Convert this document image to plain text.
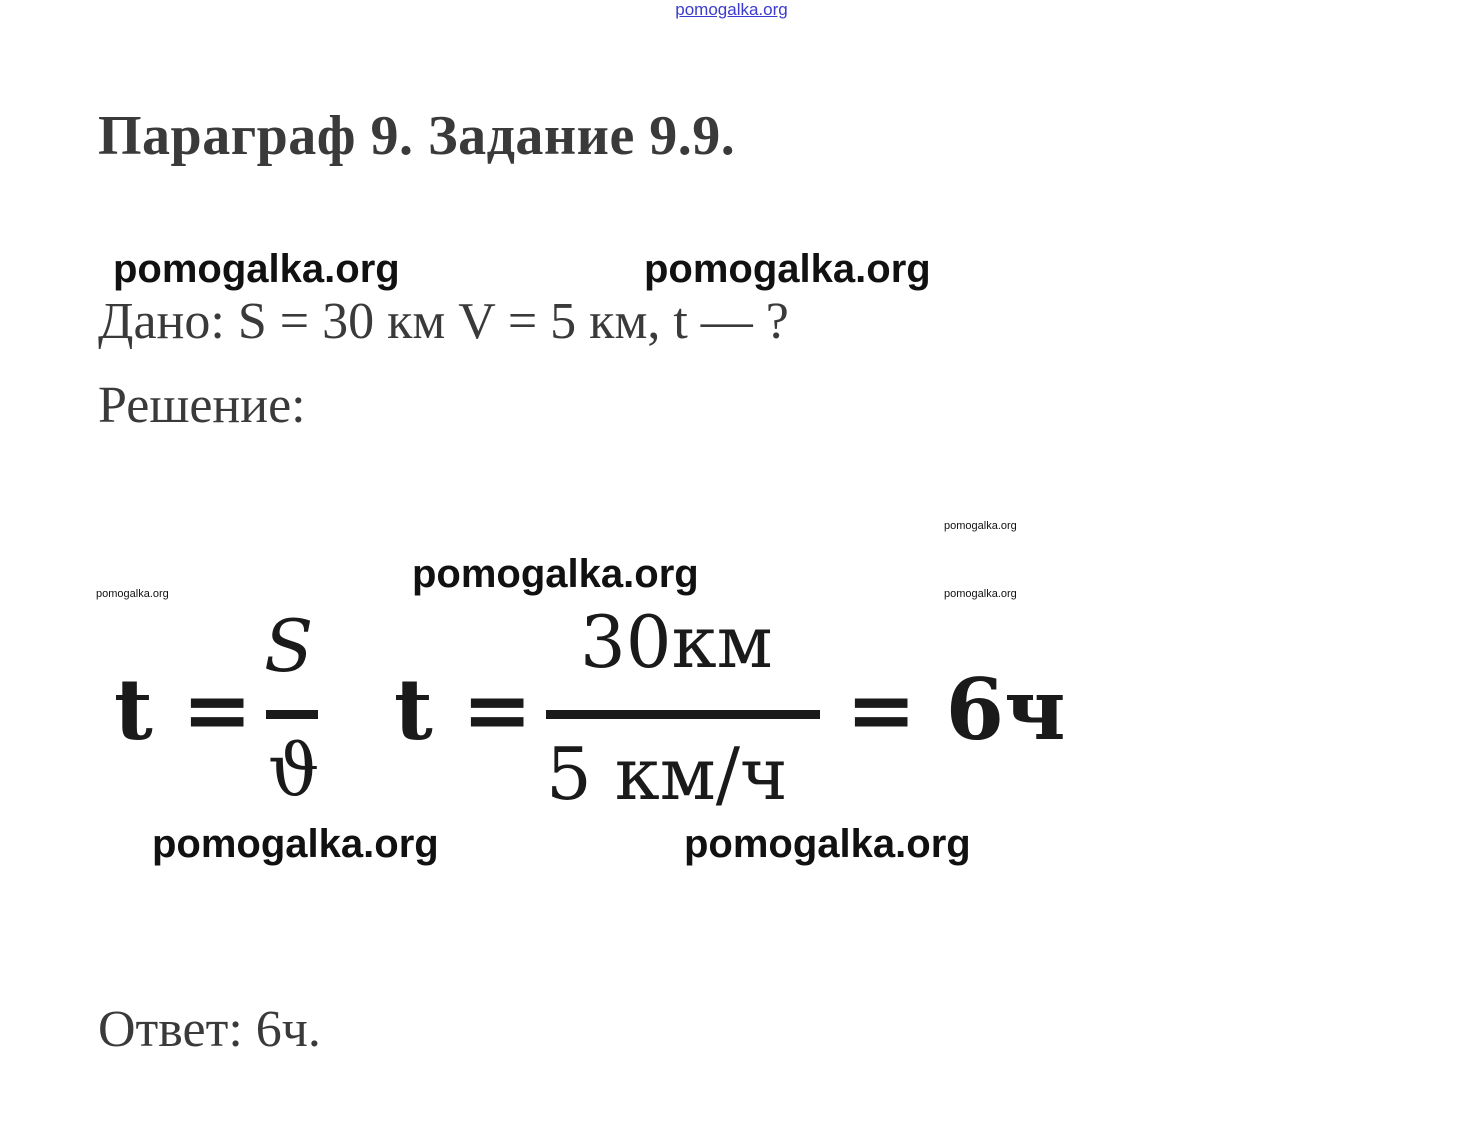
pomogalka.org
Параграф 9. Задание 9.9.
pomogalka.org	pomogalka.org
Дано: S = 30 км V = 5 км, t — ?
Решение:
pomogalka.org
pomogalka.org
pomogalka.org	pomogalka.org
t =
S
ϑ
t =
30км
5 км/ч
= 6ч
pomogalka.org	pomogalka.org
Ответ: 6ч.
